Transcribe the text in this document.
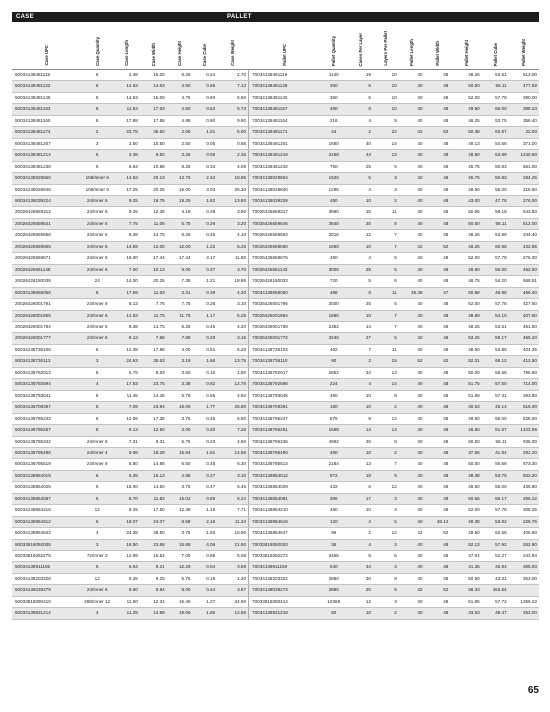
CASE	PALLET
Case UPC	Case Quantity	Case Length	Case Width	Case Height	Case Cube	Case Weight	Pallet UPC	Pallet Quantity	Cases Per Layer	Layers Per Pallet	Pallet Length	Pallet Width	Pallet Height	Pallet Cube	Pallet Weight

50034138481115	6	4.38	15.00	6.25	0.24	2.70	70034138481119	1140	19	10	40	48	48.25	53.61	513.00
50034138481122	6	14.63	14.63	4.50	0.56	7.13	70034138481126	360	6	10	40	48	50.50	56.11	477.59
50034138481146	6	14.63	15.00	4.75	0.60	6.50	70034138481140	360	6	10	40	48	52.00	57.78	390.00
50034138481153	6	11.63	17.63	4.50	0.53	6.73	70034138481157	480	8	10	40	48	49.50	55.00	388.23
50034138481160	6	17.88	17.88	4.88	0.90	9.90	70034138481164	216	4	9	40	48	48.25	53.75	356.40
60034138481174	2	23.75	35.50	2.06	1.01	5.00	70034138481171	44	2	22	42	52	50.38	63.67	22.00
50034138481207	3	3.50	10.50	2.50	0.05	0.65	70034138481201	1680	40	14	40	48	49.13	54.58	371.00
50034138481214	6	3.38	9.50	3.25	0.06	2.35	70034138481218	3168	44	12	40	48	48.50	53.89	1240.80
50034138481238	6	6.63	10.88	8.25	0.34	4.09	70034138481232	750	25	5	40	48	45.75	50.83	561.00
50034138028860	108/Inner 9	14.63	20.13	13.75	2.34	18.95	70034138028864	1620	5	3	40	48	45.75	50.83	284.25
50034138028846	108/Inner 9	17.25	20.25	15.00	3.03	26.30	70034138028840	1296	4	3	40	48	49.50	55.00	315.60
50034138039224	24/Inner 6	9.25	16.75	19.25	1.82	13.80	70034138039228	480	10	2	40	48	43.00	47.78	276.00
20026426659312	24/Inner 6	9.25	12.38	4.19	0.28	3.90	70026426659317	3960	15	11	40	48	50.56	56.18	643.50
20026426659541	24/Inner 6	7.75	11.06	5.75	0.29	3.20	70026426659546	3840	20	8	40	48	50.50	56.11	512.00
20026426659558	24/Inner 6	8.38	14.75	6.25	0.45	4.10	70026426659553	2016	12	7	40	48	48.25	53.89	344.40
20026426659565	24/Inner 6	14.69	12.00	12.00	1.22	5.26	70026426659560	1680	10	7	42	52	48.25	60.98	432.85
20026426659671	24/Inner 6	18.00	17.44	17.44	3.17	11.80	70026426659676	480	4	5	40	48	52.00	57.78	276.00
20026426661148	24/Inner 6	7.00	10.13	9.00	0.37	3.70	70026426661143	3000	25	5	40	48	49.50	55.00	462.50
20026426180038	24	14.00	20.25	7.38	1.21	18.95	70026426180033	720	5	6	40	48	48.75	54.20	568.51
50034138658056	6	17.69	11.63	3.31	0.39	4.20	70034138658050	488	8	11	35.38	47	50.88	48.95	466.40
20026426001791	24/Inner 6	8.13	7.75	7.75	0.28	3.10	70026426001796	3000	25	5	40	48	52.00	57.78	427.50
20026426001869	24/Inner 6	14.63	11.75	11.75	1.17	5.25	70026426001864	1680	10	7	40	48	48.69	54.10	407.50
20026426001784	24/Inner 6	8.38	14.75	6.25	0.45	4.20	70026426001789	2352	14	7	40	48	48.25	53.61	451.60
20026426001777	24/Inner 6	8.13	7.88	7.88	0.29	3.15	70026426001772	3240	27	5	40	48	53.25	59.17	465.20
50034138736106	6	12.38	17.88	4.00	0.51	5.25	70034138736103	462	7	11	40	48	48.50	53.89	404.25
50034138736113	3	24.63	36.63	3.19	1.66	13.75	70034138736110	90	2	15	52	42	52.31	66.12	412.50
50034138792013	6	5.75	8.63	3.50	0.10	1.80	70034138792017	2652	34	13	40	48	50.00	55.56	795.60
50034138792594	4	17.63	23.75	3.38	0.82	12.75	70034138792598	224	4	14	40	48	51.75	57.50	714.00
50034138793041	6	11.45	14.45	5.76	0.55	4.92	70034138793045	480	10	8	40	48	51.58	57.31	393.60
50034138708397	8	7.09	23.94	18.06	1.77	25.80	70034138708391	160	10	2	40	48	40.63	45.14	516.00
50034138795243	6	12.06	17.38	3.75	0.45	5.50	70034138795247	576	8	12	40	48	49.50	55.00	528.00
50034138795267	8	9.13	12.50	3.00	0.20	7.26	70034138795261	1568	14	14	40	48	46.50	51.67	1422.96
50034138795342	24/Inner 6	7.31	9.31	5.75	0.23	4.50	70034138795346	4992	26	8	40	48	50.50	56.11	936.00
50034138795496	24/Inner 4	9.06	19.29	15.94	1.61	14.56	70034138795490	480	10	2	40	48	37.66	41.84	291.20
50034138795519	24/Inner 6	8.50	14.88	6.50	0.48	6.30	70034138795513	2184	13	7	40	48	50.00	55.56	573.30
50034138854018	6	6.25	15.13	4.88	0.27	3.10	70034138854012	972	18	9	40	48	48.38	53.75	502.20
50034138854025	6	15.00	14.50	3.75	0.47	5.45	70034138854029	432	6	12	40	48	49.50	55.00	436.80
50034138854087	6	8.70	11.82	15.02	0.89	5.22	70034138854081	306	17	3	40	48	50.55	56.17	266.22
50034138854216	12	9.25	17.50	12.38	1.16	7.71	70034138854210	480	10	4	40	48	52.00	57.78	308.25
50034138854612	6	18.07	24.07	8.58	2.16	11.34	70034138854616	120	4	5	40	48.14	48.39	53.92	226.76
50034138854643	4	24.38	36.50	3.75	1.93	16.90	70034138854647	96	2	12	42	52	49.50	62.56	405.60
50033816092005	3	18.50	23.88	15.88	4.06	21.90	70033816092003	36	4	3	40	48	52.13	57.92	262.80
60033816092275	72/Inner 3	12.99	16.54	7.09	0.88	5.08	70033816092272	3456	8	6	40	48	47.04	52.27	243.84
50034138911155	6	5.94	9.21	12.28	0.04	3.59	70034138911159	540	34	3	40	48	41.35	45.94	365.93
50034138203328	12	6.25	9.25	5.75	0.19	1.20	70034138203322	2880	30	8	40	48	50.50	43.31	353.00
50034138039279	24/Inner 6	9.50	9.94	8.00	0.44	3.57	70034138039273	2880	20	6	42	52	58.33	463.64	
50033816090410	288/Inner 12	11.50	12.34	15.48	1.27	34.90	70033816090414	10368	12	3	40	48	51.95	57.72	1256.22
50034138931214	4	11.25	14.88	19.06	1.85	12.65	70034138931218	80	10	2	40	48	43.63	48.47	253.00
65
